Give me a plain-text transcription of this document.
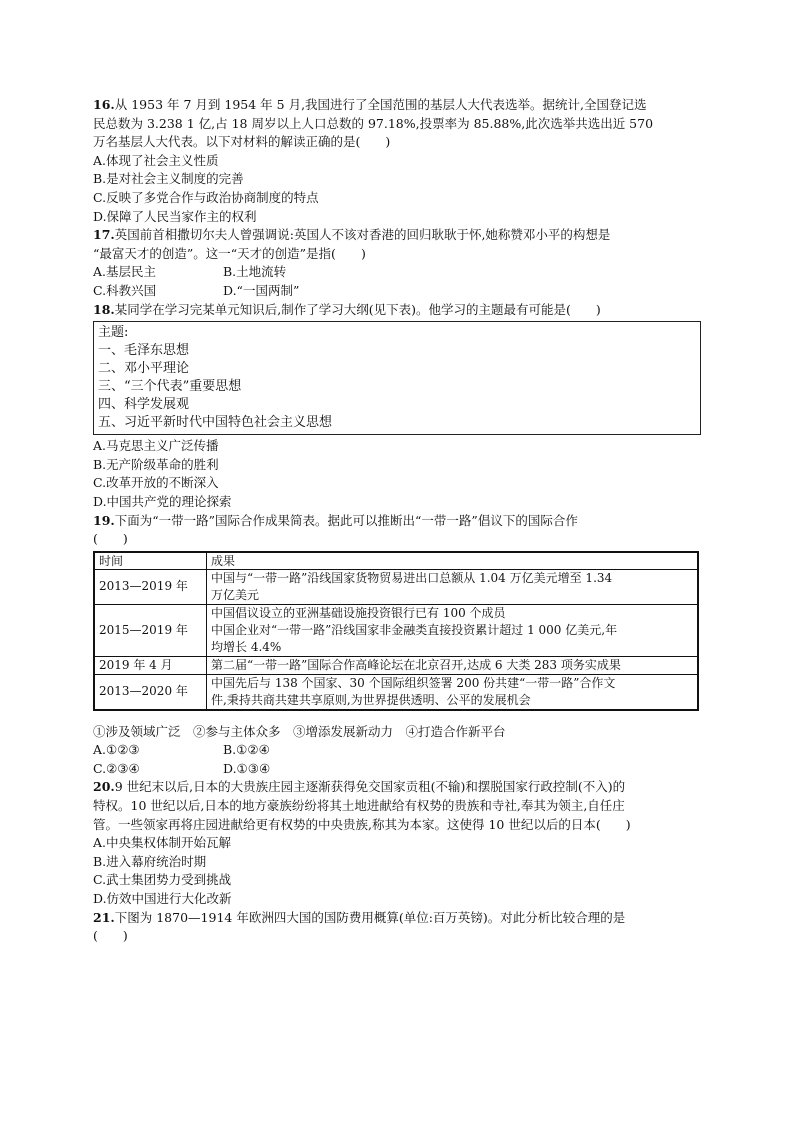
16.从 1953 年 7 月到 1954 年 5 月,我国进行了全国范围的基层人大代表选举。据统计,全国登记选
民总数为 3.238 1 亿,占 18 周岁以上人口总数的 97.18%,投票率为 85.88%,此次选举共选出近 570
万名基层人大代表。以下对材料的解读正确的是(　　)
A.体现了社会主义性质
B.是对社会主义制度的完善
C.反映了多党合作与政治协商制度的特点
D.保障了人民当家作主的权利
17.英国前首相撒切尔夫人曾强调说:英国人不该对香港的回归耿耿于怀,她称赞邓小平的构想是
“最富天才的创造”。这一“天才的创造”是指(　　)
A.基层民主	B.土地流转
C.科教兴国	D.“一国两制”
18.某同学在学习完某单元知识后,制作了学习大纲(见下表)。他学习的主题最有可能是(　　)
主题:
一、毛泽东思想
二、邓小平理论
三、“三个代表”重要思想
四、科学发展观
五、习近平新时代中国特色社会主义思想
A.马克思主义广泛传播
B.无产阶级革命的胜利
C.改革开放的不断深入
D.中国共产党的理论探索
19.下面为“一带一路”国际合作成果简表。据此可以推断出“一带一路”倡议下的国际合作
(　　)
时间	成果
2013—2019 年	中国与“一带一路”沿线国家货物贸易进出口总额从 1.04 万亿美元增至 1.34
万亿美元

2015—2019 年	中国倡议设立的亚洲基础设施投资银行已有 100 个成员
中国企业对“一带一路”沿线国家非金融类直接投资累计超过 1 000 亿美元,年
均增长 4.4%

2019 年 4 月	第二届“一带一路”国际合作高峰论坛在北京召开,达成 6 大类 283 项务实成果

2013—2020 年	中国先后与 138 个国家、30 个国际组织签署 200 份共建“一带一路”合作文
件,秉持共商共建共享原则,为世界提供透明、公平的发展机会
①涉及领域广泛　②参与主体众多　③增添发展新动力　④打造合作新平台
A.①②③	B.①②④
C.②③④	D.①③④
20.9 世纪末以后,日本的大贵族庄园主逐渐获得免交国家贡租(不输)和摆脱国家行政控制(不入)的
特权。10 世纪以后,日本的地方豪族纷纷将其土地进献给有权势的贵族和寺社,奉其为领主,自任庄
管。一些领家再将庄园进献给更有权势的中央贵族,称其为本家。这使得 10 世纪以后的日本(　　)
A.中央集权体制开始瓦解
B.进入幕府统治时期
C.武士集团势力受到挑战
D.仿效中国进行大化改新
21.下图为 1870—1914 年欧洲四大国的国防费用概算(单位:百万英镑)。对此分析比较合理的是
(　　)
